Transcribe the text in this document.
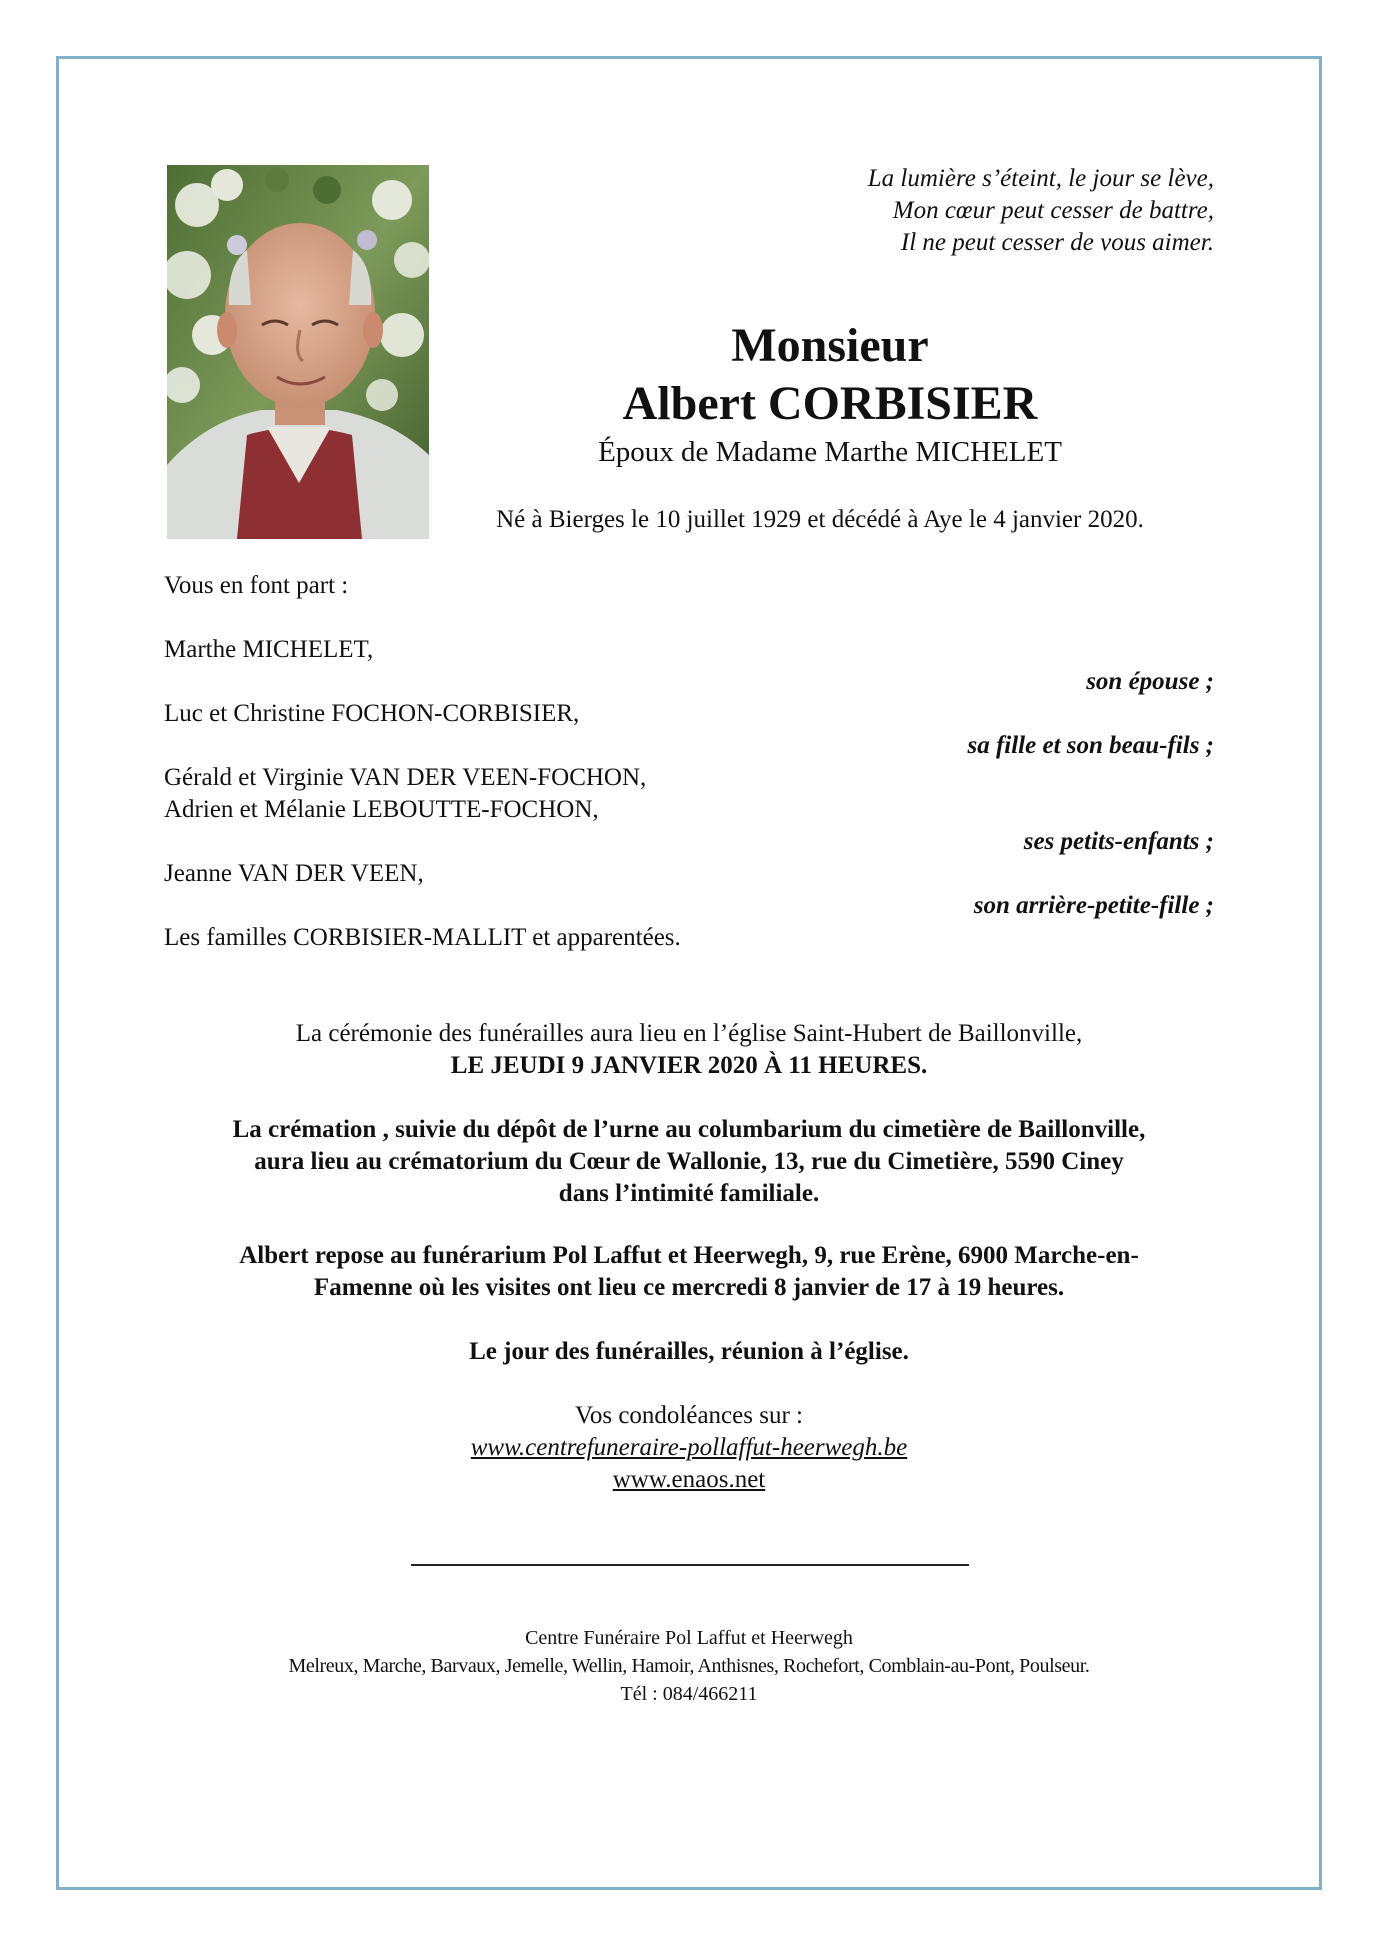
La lumière s’éteint, le jour se lève,
Mon cœur peut cesser de battre,
Il ne peut cesser de vous aimer.
Monsieur
Albert CORBISIER
Époux de Madame Marthe MICHELET
Né à Bierges le 10 juillet 1929 et décédé à Aye le 4 janvier 2020.
Vous en font part :
Marthe MICHELET,
son épouse ;
Luc et Christine FOCHON-CORBISIER,
sa fille et son beau-fils ;
Gérald et Virginie VAN DER VEEN-FOCHON,
Adrien et Mélanie LEBOUTTE-FOCHON,
ses petits-enfants ;
Jeanne VAN DER VEEN,
son arrière-petite-fille ;
Les familles CORBISIER-MALLIT et apparentées.
La cérémonie des funérailles aura lieu en l’église Saint-Hubert de Baillonville,
LE JEUDI 9 JANVIER 2020 À 11 HEURES.
La crémation , suivie du dépôt de l’urne au columbarium du cimetière de Baillonville,
aura lieu au crématorium du Cœur de Wallonie, 13, rue du Cimetière, 5590 Ciney
dans l’intimité familiale.
Albert repose au funérarium Pol Laffut et Heerwegh, 9, rue Erène, 6900 Marche-en-
Famenne où les visites ont lieu ce mercredi 8 janvier de 17 à 19 heures.
Le jour des funérailles, réunion à l’église.
Vos condoléances sur :
www.centrefuneraire-pollaffut-heerwegh.be
www.enaos.net
Centre Funéraire Pol Laffut et Heerwegh
Melreux, Marche, Barvaux, Jemelle, Wellin, Hamoir, Anthisnes, Rochefort, Comblain-au-Pont, Poulseur.
Tél : 084/466211
